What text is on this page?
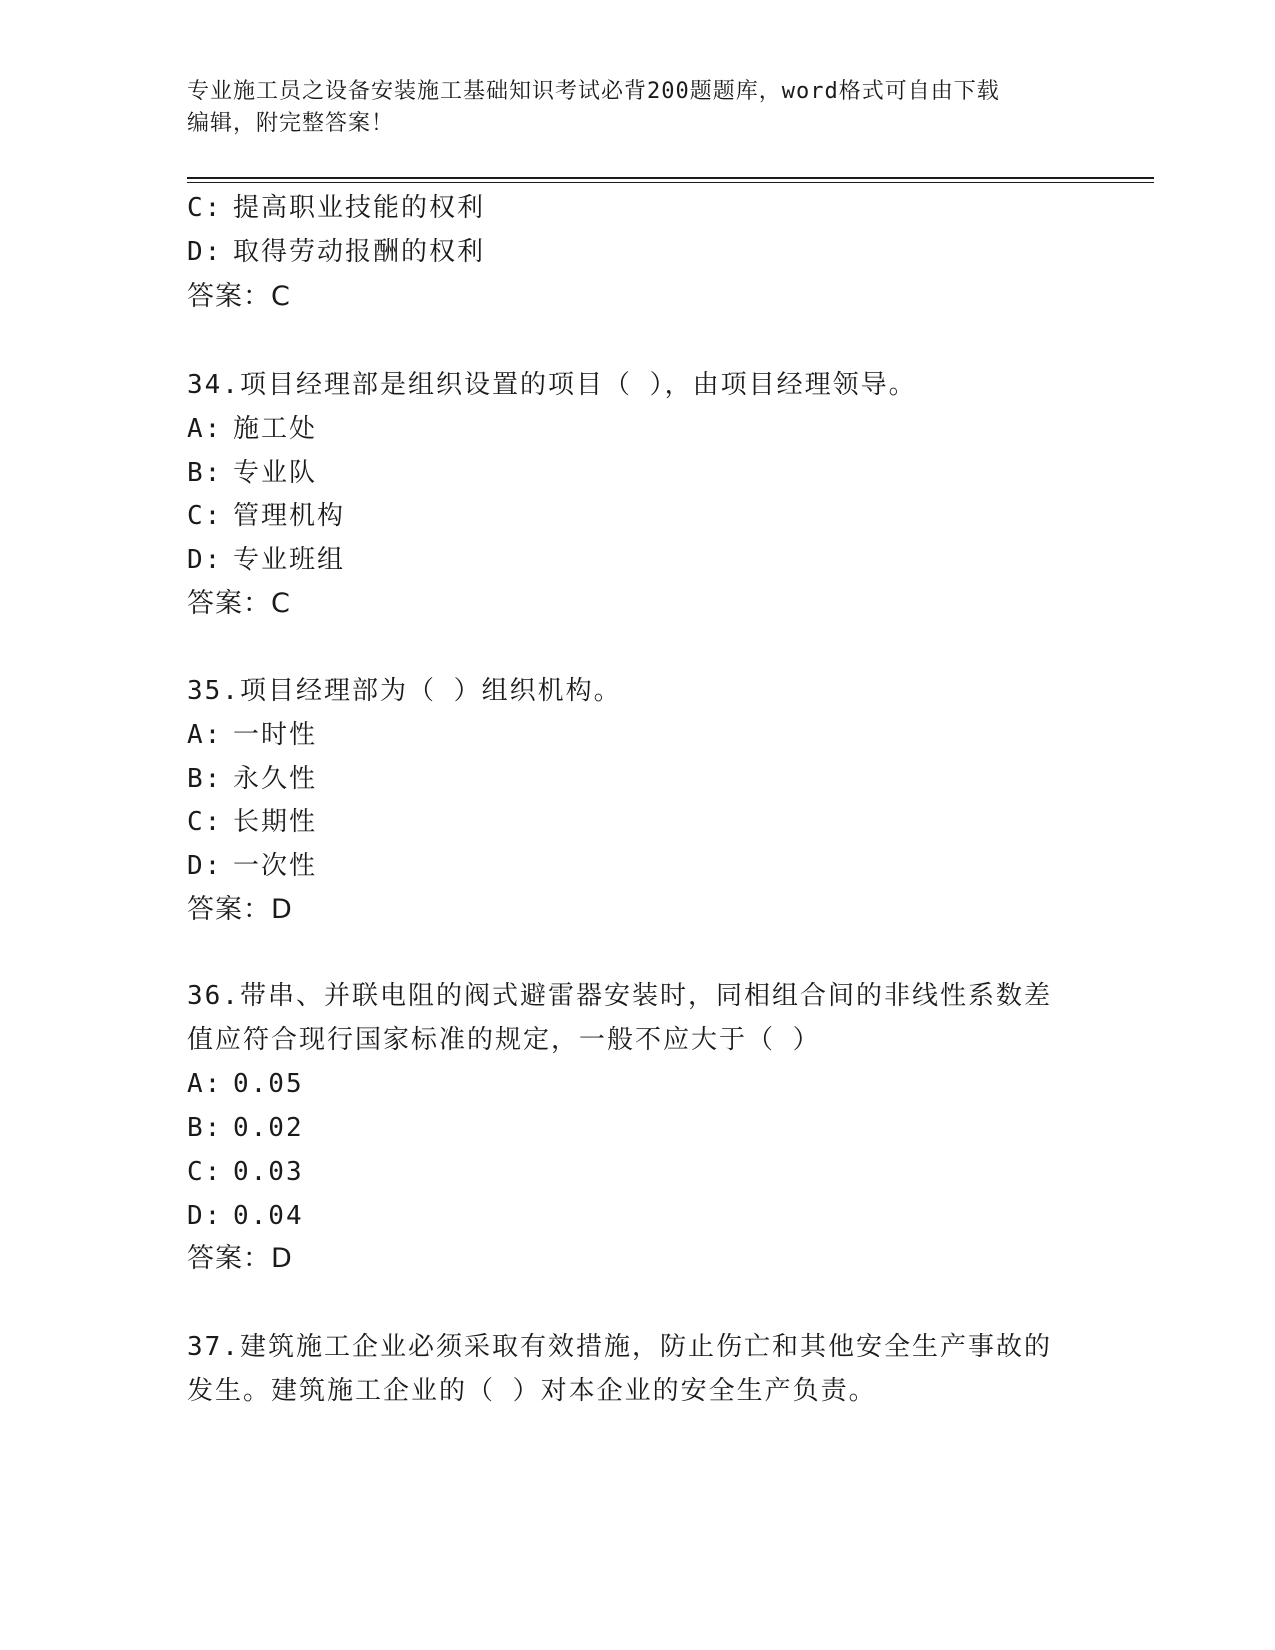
专业施工员之设备安装施工基础知识考试必背200题题库，word格式可自由下载
编辑，附完整答案！
C: 提高职业技能的权利
D: 取得劳动报酬的权利
答案：C
34.项目经理部是组织设置的项目（ ），由项目经理领导。
A: 施工处
B: 专业队
C: 管理机构
D: 专业班组
答案：C
35.项目经理部为（ ）组织机构。
A: 一时性
B: 永久性
C: 长期性
D: 一次性
答案：D
36.带串、并联电阻的阀式避雷器安装时，同相组合间的非线性系数差
值应符合现行国家标准的规定，一般不应大于（ ）
A: 0.05
B: 0.02
C: 0.03
D: 0.04
答案：D
37.建筑施工企业必须采取有效措施，防止伤亡和其他安全生产事故的
发生。建筑施工企业的（ ）对本企业的安全生产负责。
